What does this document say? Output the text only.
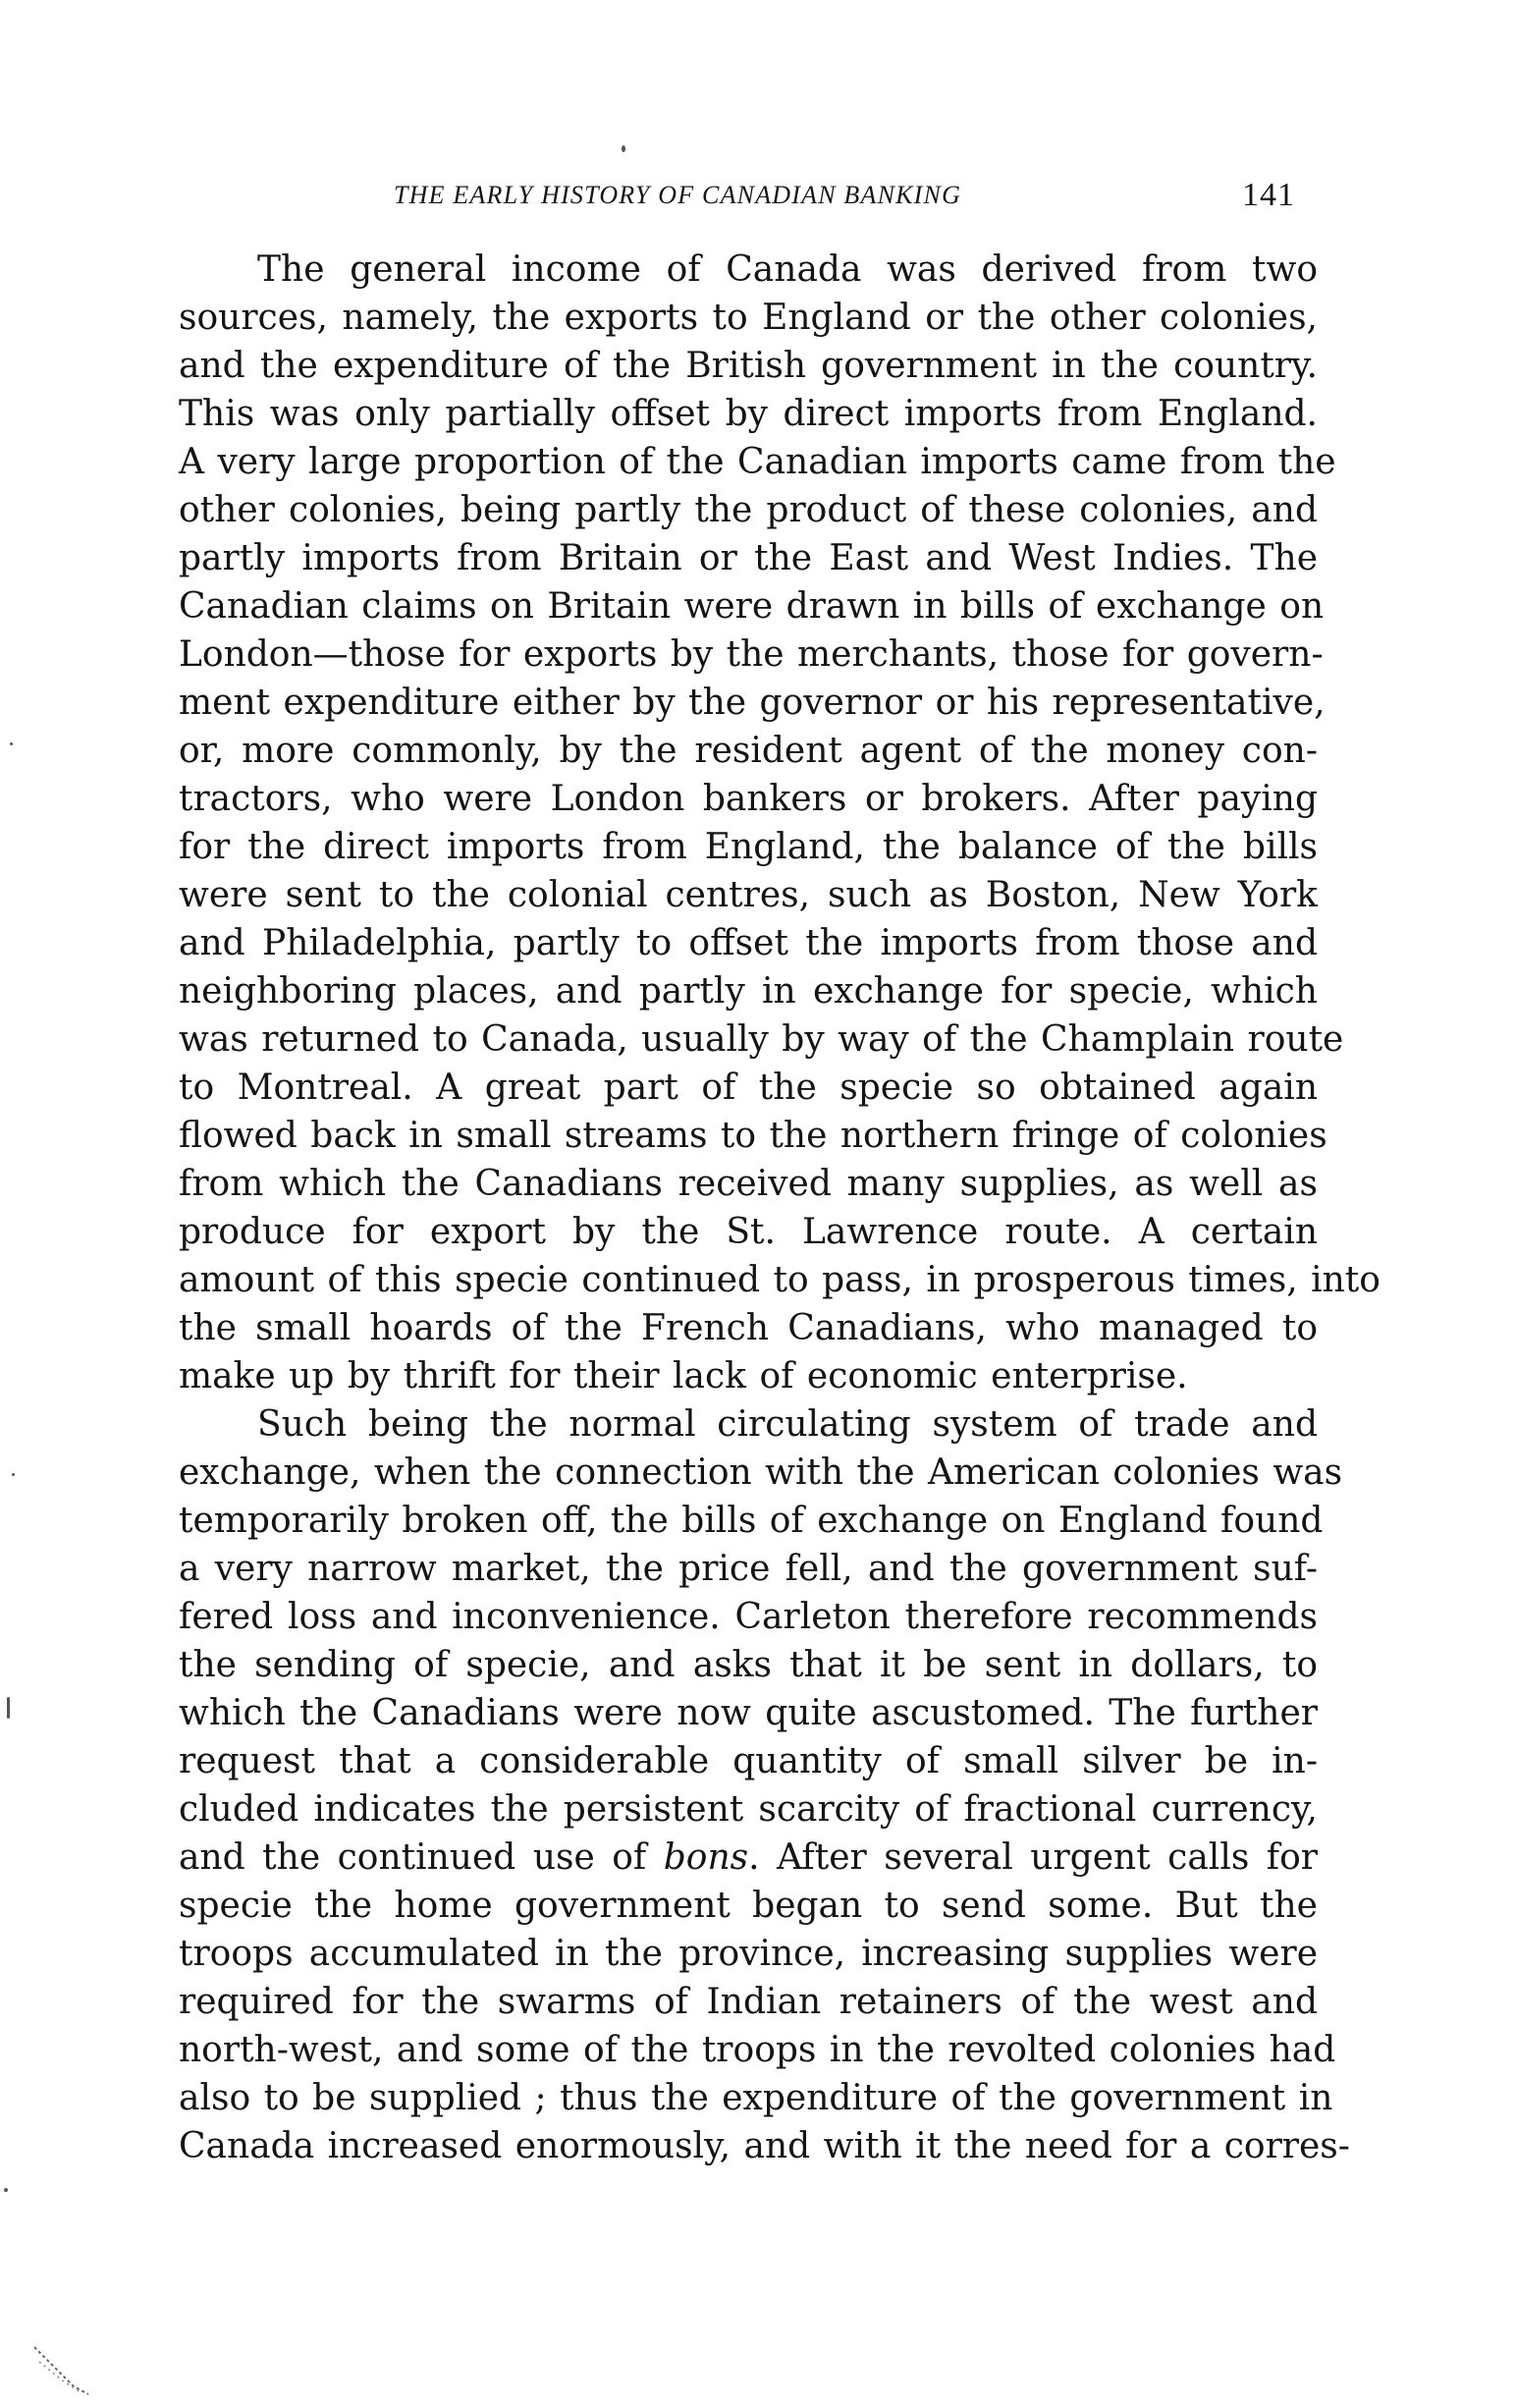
THE EARLY HISTORY OF CANADIAN BANKING	141

The general income of Canada was derived from two
sources, namely, the exports to England or the other colonies,
and the expenditure of the British government in the country.
This was only partially offset by direct imports from England.
A very large proportion of the Canadian imports came from the
other colonies, being partly the product of these colonies, and
partly imports from Britain or the East and West Indies. The
Canadian claims on Britain were drawn in bills of exchange on
London—those for exports by the merchants, those for govern-
ment expenditure either by the governor or his representative,
or, more commonly, by the resident agent of the money con-
tractors, who were London bankers or brokers. After paying
for the direct imports from England, the balance of the bills
were sent to the colonial centres, such as Boston, New York
and Philadelphia, partly to offset the imports from those and
neighboring places, and partly in exchange for specie, which
was returned to Canada, usually by way of the Champlain route
to Montreal. A great part of the specie so obtained again
flowed back in small streams to the northern fringe of colonies
from which the Canadians received many supplies, as well as
produce for export by the St. Lawrence route. A certain
amount of this specie continued to pass, in prosperous times, into
the small hoards of the French Canadians, who managed to
make up by thrift for their lack of economic enterprise.

Such being the normal circulating system of trade and
exchange, when the connection with the American colonies was
temporarily broken off, the bills of exchange on England found
a very narrow market, the price fell, and the government suf-
fered loss and inconvenience. Carleton therefore recommends
the sending of specie, and asks that it be sent in dollars, to
which the Canadians were now quite ascustomed. The further
request that a considerable quantity of small silver be in-
cluded indicates the persistent scarcity of fractional currency,
and the continued use of bons. After several urgent calls for
specie the home government began to send some. But the
troops accumulated in the province, increasing supplies were
required for the swarms of Indian retainers of the west and
north-west, and some of the troops in the revolted colonies had
also to be supplied ; thus the expenditure of the government in
Canada increased enormously, and with it the need for a corres-
